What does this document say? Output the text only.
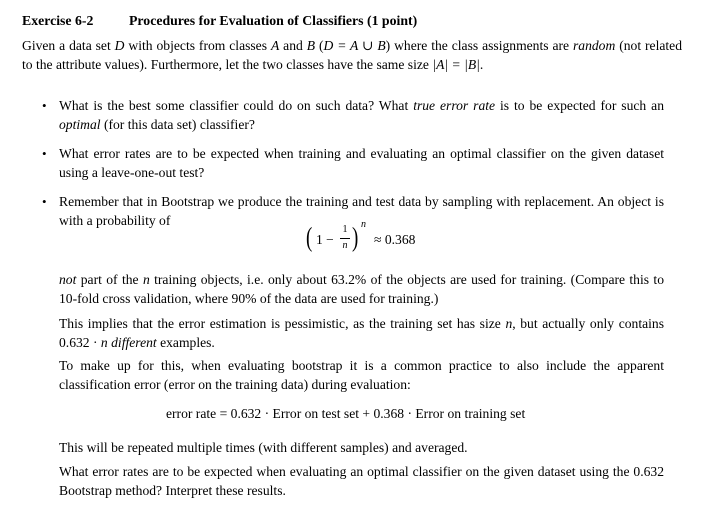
Exercise 6-2	Procedures for Evaluation of Classifiers (1 point)
Given a data set D with objects from classes A and B (D = A ∪ B) where the class assignments are random (not related to the attribute values). Furthermore, let the two classes have the same size |A| = |B|.
• What is the best some classifier could do on such data? What true error rate is to be expected for such an optimal (for this data set) classifier?
• What error rates are to be expected when training and evaluating an optimal classifier on the given dataset using a leave-one-out test?
• Remember that in Bootstrap we produce the training and test data by sampling with replacement. An object is with a probability of
( 1 −
1
n ) n
≈ 0.368
not part of the n training objects, i.e. only about 63.2% of the objects are used for training. (Compare this to 10-fold cross validation, where 90% of the data are used for training.)
This implies that the error estimation is pessimistic, as the training set has size n, but actually only contains 0.632 · n different examples.
To make up for this, when evaluating bootstrap it is a common practice to also include the apparent classification error (error on the training data) during evaluation:
error rate = 0.632 · Error on test set + 0.368 · Error on training set
This will be repeated multiple times (with different samples) and averaged.
What error rates are to be expected when evaluating an optimal classifier on the given dataset using the 0.632 Bootstrap method? Interpret these results.
